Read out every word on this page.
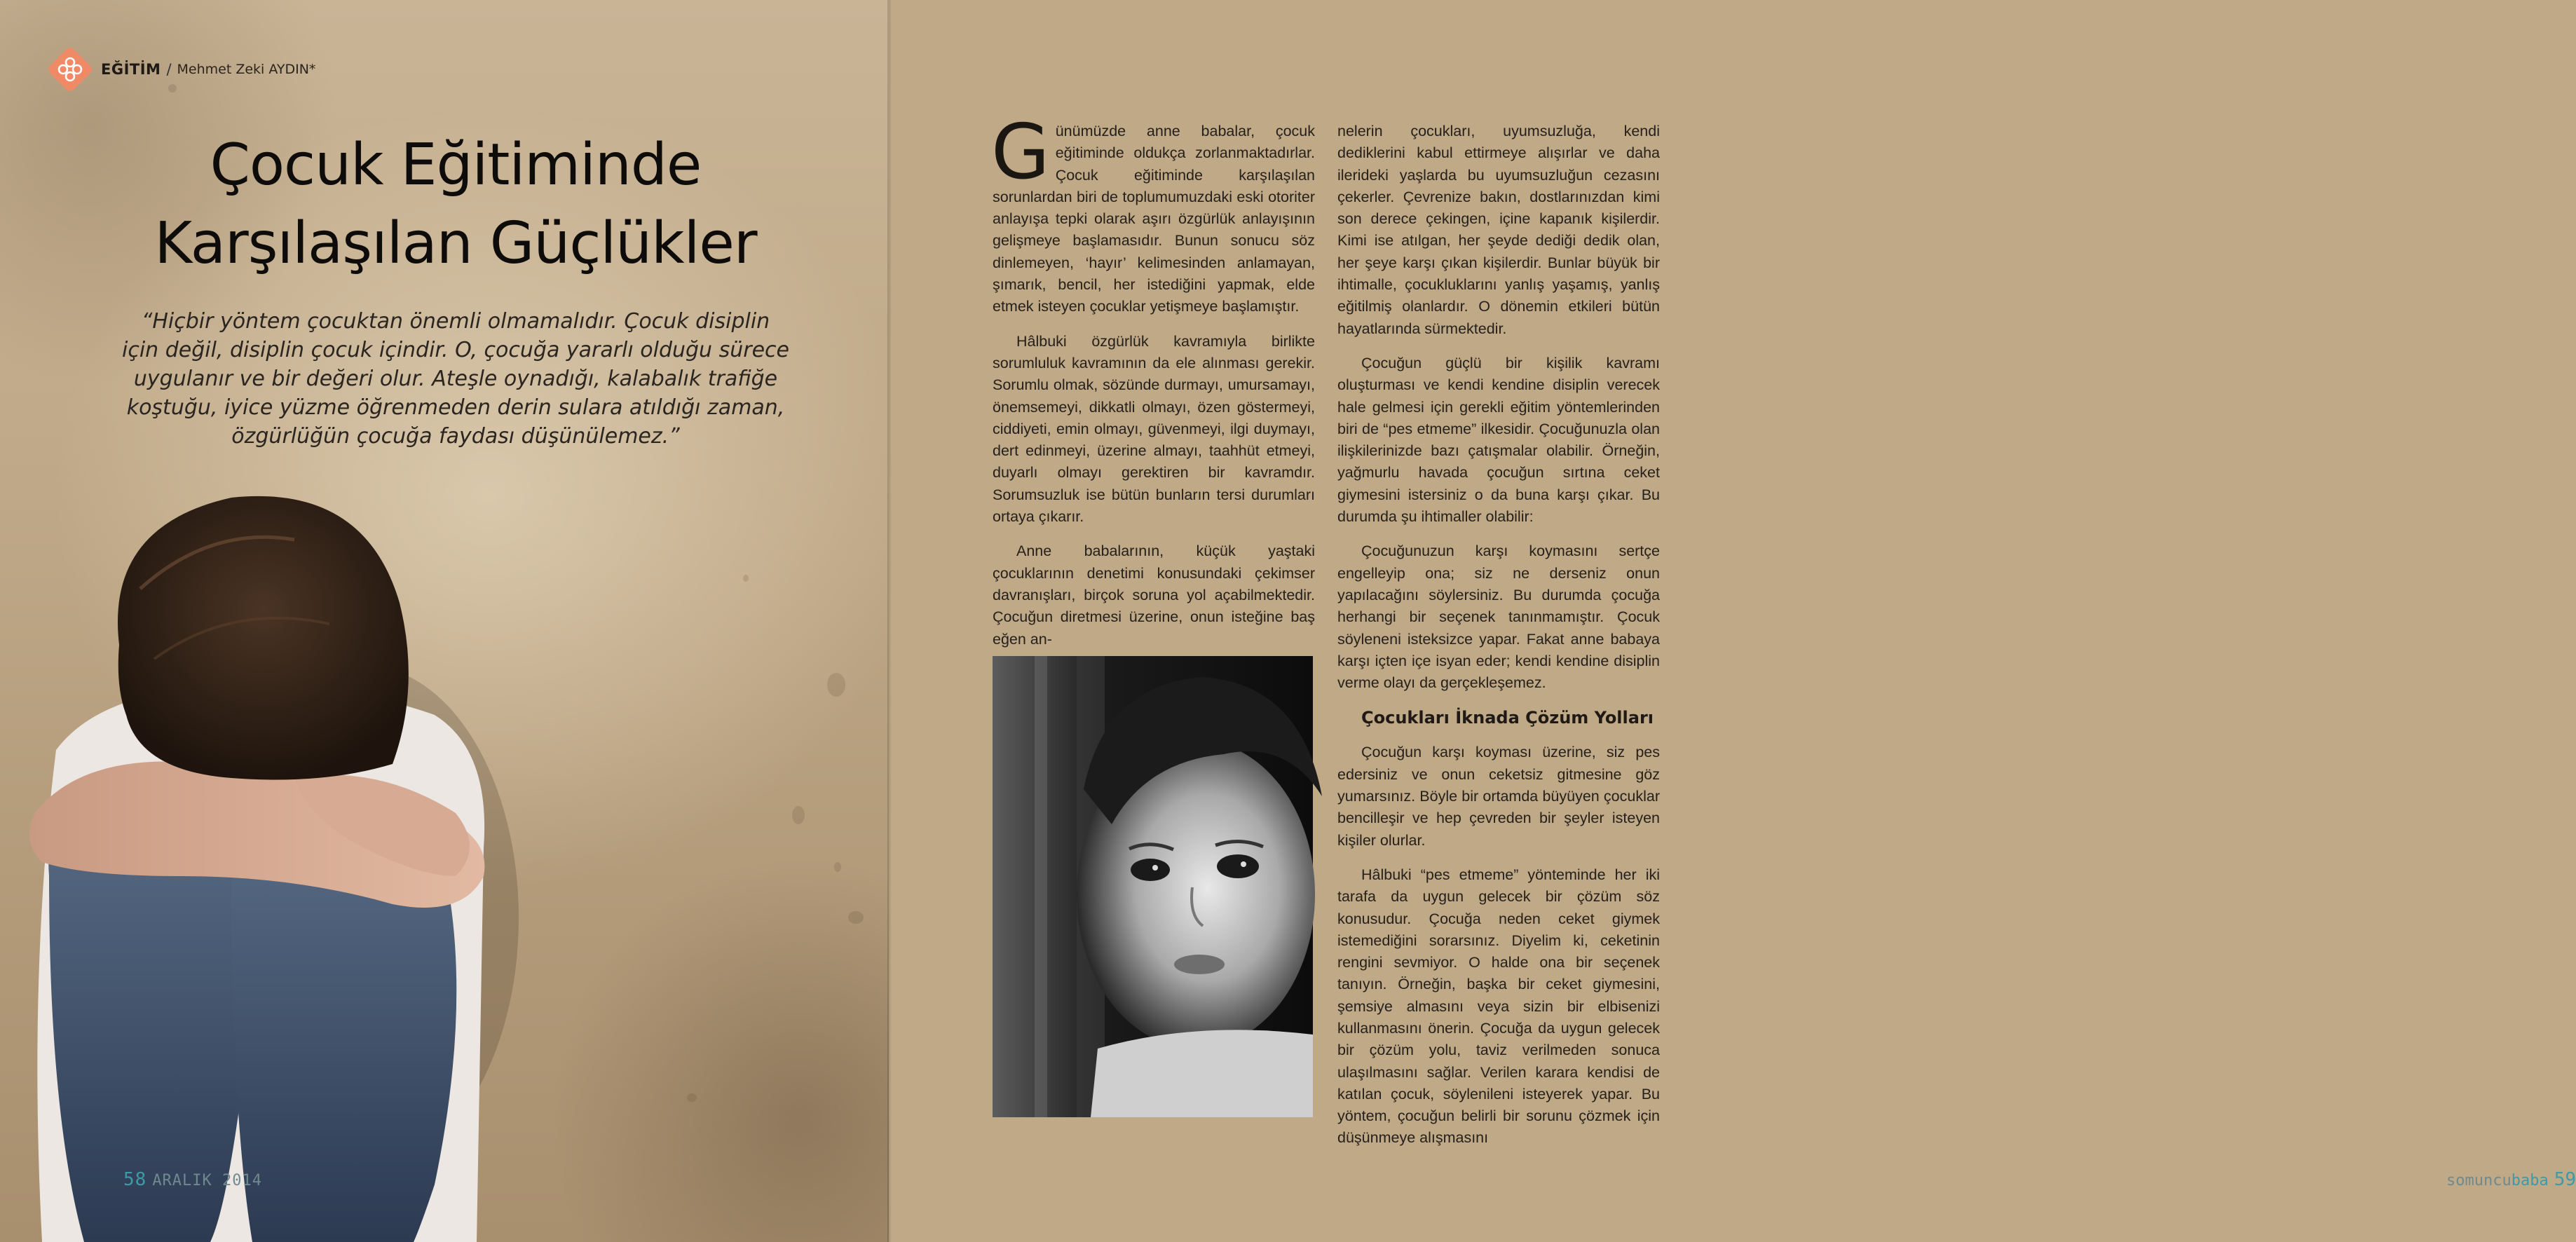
EĞİTİM / Mehmet Zeki AYDIN*
Çocuk Eğitiminde
Karşılaşılan Güçlükler
“Hiçbir yöntem çocuktan önemli olmamalıdır. Çocuk disiplin
için değil, disiplin çocuk içindir. O, çocuğa yararlı olduğu sürece
uygulanır ve bir değeri olur. Ateşle oynadığı, kalabalık trafiğe
koştuğu, iyice yüzme öğrenmeden derin sulara atıldığı zaman,
özgürlüğün çocuğa faydası düşünülemez.”
58 ARALIK 2014

Günümüzde anne babalar, çocuk eğitiminde oldukça zorlanmaktadırlar. Çocuk eğitiminde karşılaşılan sorunlardan biri de toplumumuzdaki eski otoriter anlayışa tepki olarak aşırı özgürlük anlayışının gelişmeye başlamasıdır. Bunun sonucu söz dinlemeyen, ‘hayır’ kelimesinden anlamayan, şımarık, bencil, her istediğini yapmak, elde etmek isteyen çocuklar yetişmeye başlamıştır.

Hâlbuki özgürlük kavramıyla birlikte sorumluluk kavramının da ele alınması gerekir. Sorumlu olmak, sözünde durmayı, umursamayı, önemsemeyi, dikkatli olmayı, özen göstermeyi, ciddiyeti, emin olmayı, güvenmeyi, ilgi duymayı, dert edinmeyi, üzerine almayı, taahhüt etmeyi, duyarlı olmayı gerektiren bir kavramdır. Sorumsuzluk ise bütün bunların tersi durumları ortaya çıkarır.

Anne babalarının, küçük yaştaki çocuklarının denetimi konusundaki çekimser davranışları, birçok soruna yol açabilmektedir. Çocuğun diretmesi üzerine, onun isteğine baş eğen an-

nelerin çocukları, uyumsuzluğa, kendi dediklerini kabul ettirmeye alışırlar ve daha ilerideki yaşlarda bu uyumsuzluğun cezasını çekerler. Çevrenize bakın, dostlarınızdan kimi son derece çekingen, içine kapanık kişilerdir. Kimi ise atılgan, her şeyde dediği dedik olan, her şeye karşı çıkan kişilerdir. Bunlar büyük bir ihtimalle, çocukluklarını yanlış yaşamış, yanlış eğitilmiş olanlardır. O dönemin etkileri bütün hayatlarında sürmektedir.

Çocuğun güçlü bir kişilik kavramı oluşturması ve kendi kendine disiplin verecek hale gelmesi için gerekli eğitim yöntemlerinden biri de “pes etmeme” ilkesidir. Çocuğunuzla olan ilişkilerinizde bazı çatışmalar olabilir. Örneğin, yağmurlu havada çocuğun sırtına ceket giymesini istersiniz o da buna karşı çıkar. Bu durumda şu ihtimaller olabilir:

Çocuğunuzun karşı koymasını sertçe engelleyip ona; siz ne derseniz onun yapılacağını söylersiniz. Bu durumda çocuğa herhangi bir seçenek tanınmamıştır. Çocuk söyleneni isteksizce yapar. Fakat anne babaya karşı içten içe isyan eder; kendi kendine disiplin verme olayı da gerçekleşemez.

Çocukları İknada Çözüm Yolları

Çocuğun karşı koyması üzerine, siz pes edersiniz ve onun ceketsiz gitmesine göz yumarsınız. Böyle bir ortamda büyüyen çocuklar bencilleşir ve hep çevreden bir şeyler isteyen kişiler olurlar.

Hâlbuki “pes etmeme” yönteminde her iki tarafa da uygun gelecek bir çözüm söz konusudur. Çocuğa neden ceket giymek istemediğini sorarsınız. Diyelim ki, ceketinin rengini sevmiyor. O halde ona bir seçenek tanıyın. Örneğin, başka bir ceket giymesini, şemsiye almasını veya sizin bir elbisenizi kullanmasını önerin. Çocuğa da uygun gelecek bir çözüm yolu, taviz verilmeden sonuca ulaşılmasını sağlar. Verilen karara kendisi de katılan çocuk, söylenileni isteyerek yapar. Bu yöntem, çocuğun belirli bir sorunu çözmek için düşünmeye alışmasını

somuncubaba 59
